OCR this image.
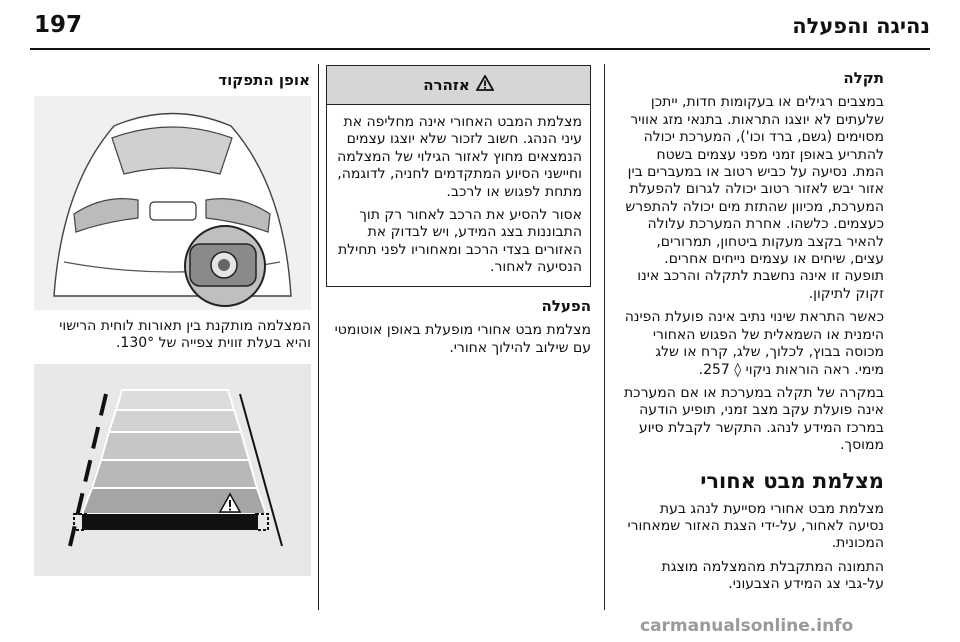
נהיגה והפעלה
197
תקלה

במצבים רגילים או בעקומות חדות, ייתכן שלעתים לא יוצגו התראות. בתנאי מזג אוויר מסוימים (גשם, ברד וכו'), המערכת יכולה להתריע באופן זמני מפני עצמים בשטח המת. נסיעה על כביש רטוב או במעברים בין אזור יבש לאזור רטוב יכולה לגרום להפעלת המערכת, מכיוון שהתזת מים יכולה להתפרש כעצמים. כלשהו. אחרת המערכת עלולה להאיר בקצב מעקות ביטחון, תמרורים, עצים, שיחים או עצמים נייחים אחרים. תופעה זו אינה נחשבת לתקלה והרכב אינו זקוק לתיקון.

כאשר התראת שינוי נתיב אינה פועלת הפינה הימנית או השמאלית של הפגוש האחורי מכוסה בבוץ, לכלוך, שלג, קרח או שלג מימי. ראה הוראות ניקוי ◊ 257.

במקרה של תקלה במערכת או אם המערכת אינה פועלת עקב מצב זמני, תופיע הודעה במרכז המידע לנהג. התקשר לקבלת סיוע ממוסך.

מצלמת מבט אחורי

מצלמת מבט אחורי מסייעת לנהג בעת נסיעה לאחור, על-ידי הצגת האזור שמאחורי המכונית.

התמונה המתקבלת מהמצלמה מוצגת על-גבי צג המידע הצבעוני.

אזהרה

מצלמת המבט האחורי אינה מחליפה את עיני הנהג. חשוב לזכור שלא יוצגו עצמים הנמצאים מחוץ לאזור הגילוי של המצלמה וחיישני הסיוע המתקדמים לחניה, לדוגמה, מתחת לפגוש או לרכב.

אסור להסיע את הרכב לאחור רק תוך התבוננות בצג המידע, ויש לבדוק את האזורים בצדי הרכב ומאחוריו לפני תחילת הנסיעה לאחור.

הפעלה

מצלמת מבט אחורי מופעלת באופן אוטומטי עם שילוב להילוך אחורי.

אופן התפקוד
המצלמה מותקנת בין תאורות לוחית הרישוי והיא בעלת זווית צפייה של 130°.
carmanualsonline.info
